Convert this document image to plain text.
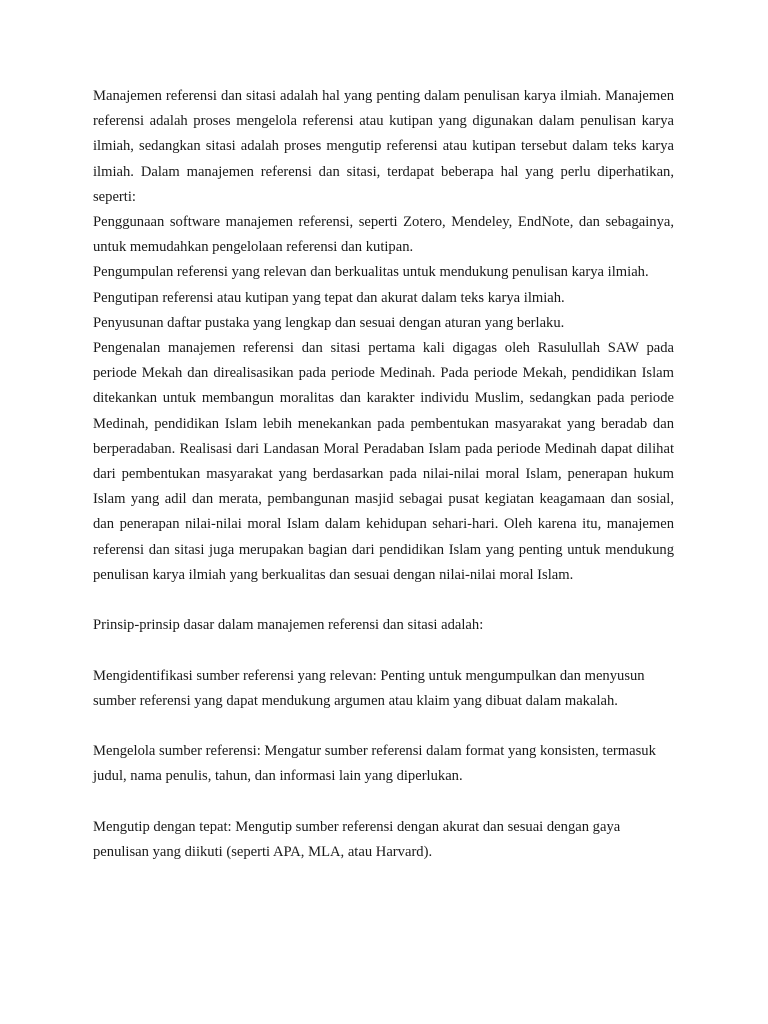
Manajemen referensi dan sitasi adalah hal yang penting dalam penulisan karya ilmiah. Manajemen referensi adalah proses mengelola referensi atau kutipan yang digunakan dalam penulisan karya ilmiah, sedangkan sitasi adalah proses mengutip referensi atau kutipan tersebut dalam teks karya ilmiah. Dalam manajemen referensi dan sitasi, terdapat beberapa hal yang perlu diperhatikan, seperti:

Penggunaan software manajemen referensi, seperti Zotero, Mendeley, EndNote, dan sebagainya, untuk memudahkan pengelolaan referensi dan kutipan.

Pengumpulan referensi yang relevan dan berkualitas untuk mendukung penulisan karya ilmiah.

Pengutipan referensi atau kutipan yang tepat dan akurat dalam teks karya ilmiah.

Penyusunan daftar pustaka yang lengkap dan sesuai dengan aturan yang berlaku.

Pengenalan manajemen referensi dan sitasi pertama kali digagas oleh Rasulullah SAW pada periode Mekah dan direalisasikan pada periode Medinah. Pada periode Mekah, pendidikan Islam ditekankan untuk membangun moralitas dan karakter individu Muslim, sedangkan pada periode Medinah, pendidikan Islam lebih menekankan pada pembentukan masyarakat yang beradab dan berperadaban. Realisasi dari Landasan Moral Peradaban Islam pada periode Medinah dapat dilihat dari pembentukan masyarakat yang berdasarkan pada nilai-nilai moral Islam, penerapan hukum Islam yang adil dan merata, pembangunan masjid sebagai pusat kegiatan keagamaan dan sosial, dan penerapan nilai-nilai moral Islam dalam kehidupan sehari-hari. Oleh karena itu, manajemen referensi dan sitasi juga merupakan bagian dari pendidikan Islam yang penting untuk mendukung penulisan karya ilmiah yang berkualitas dan sesuai dengan nilai-nilai moral Islam.

Prinsip-prinsip dasar dalam manajemen referensi dan sitasi adalah:

Mengidentifikasi sumber referensi yang relevan: Penting untuk mengumpulkan dan menyusun sumber referensi yang dapat mendukung argumen atau klaim yang dibuat dalam makalah.

Mengelola sumber referensi: Mengatur sumber referensi dalam format yang konsisten, termasuk judul, nama penulis, tahun, dan informasi lain yang diperlukan.

Mengutip dengan tepat: Mengutip sumber referensi dengan akurat dan sesuai dengan gaya penulisan yang diikuti (seperti APA, MLA, atau Harvard).
